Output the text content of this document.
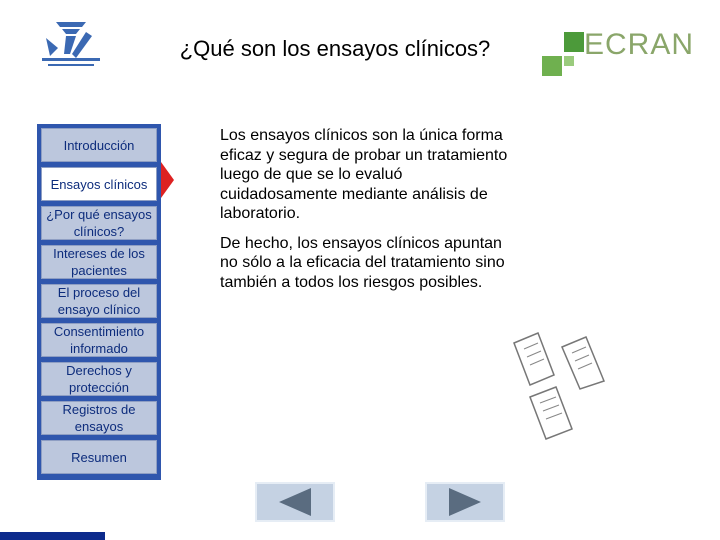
¿Qué son los ensayos clínicos?	ECRAN
Introducción
Ensayos clínicos
¿Por qué ensayos clínicos?
Intereses de los pacientes
El proceso del ensayo clínico
Consentimiento informado
Derechos y protección
Registros de ensayos
Resumen

Los ensayos clínicos son la única forma eficaz y segura de probar un tratamiento luego de que se lo evaluó cuidadosamente mediante análisis de laboratorio.

De hecho, los ensayos clínicos apuntan no sólo a la eficacia del tratamiento sino también a todos los riesgos posibles.
